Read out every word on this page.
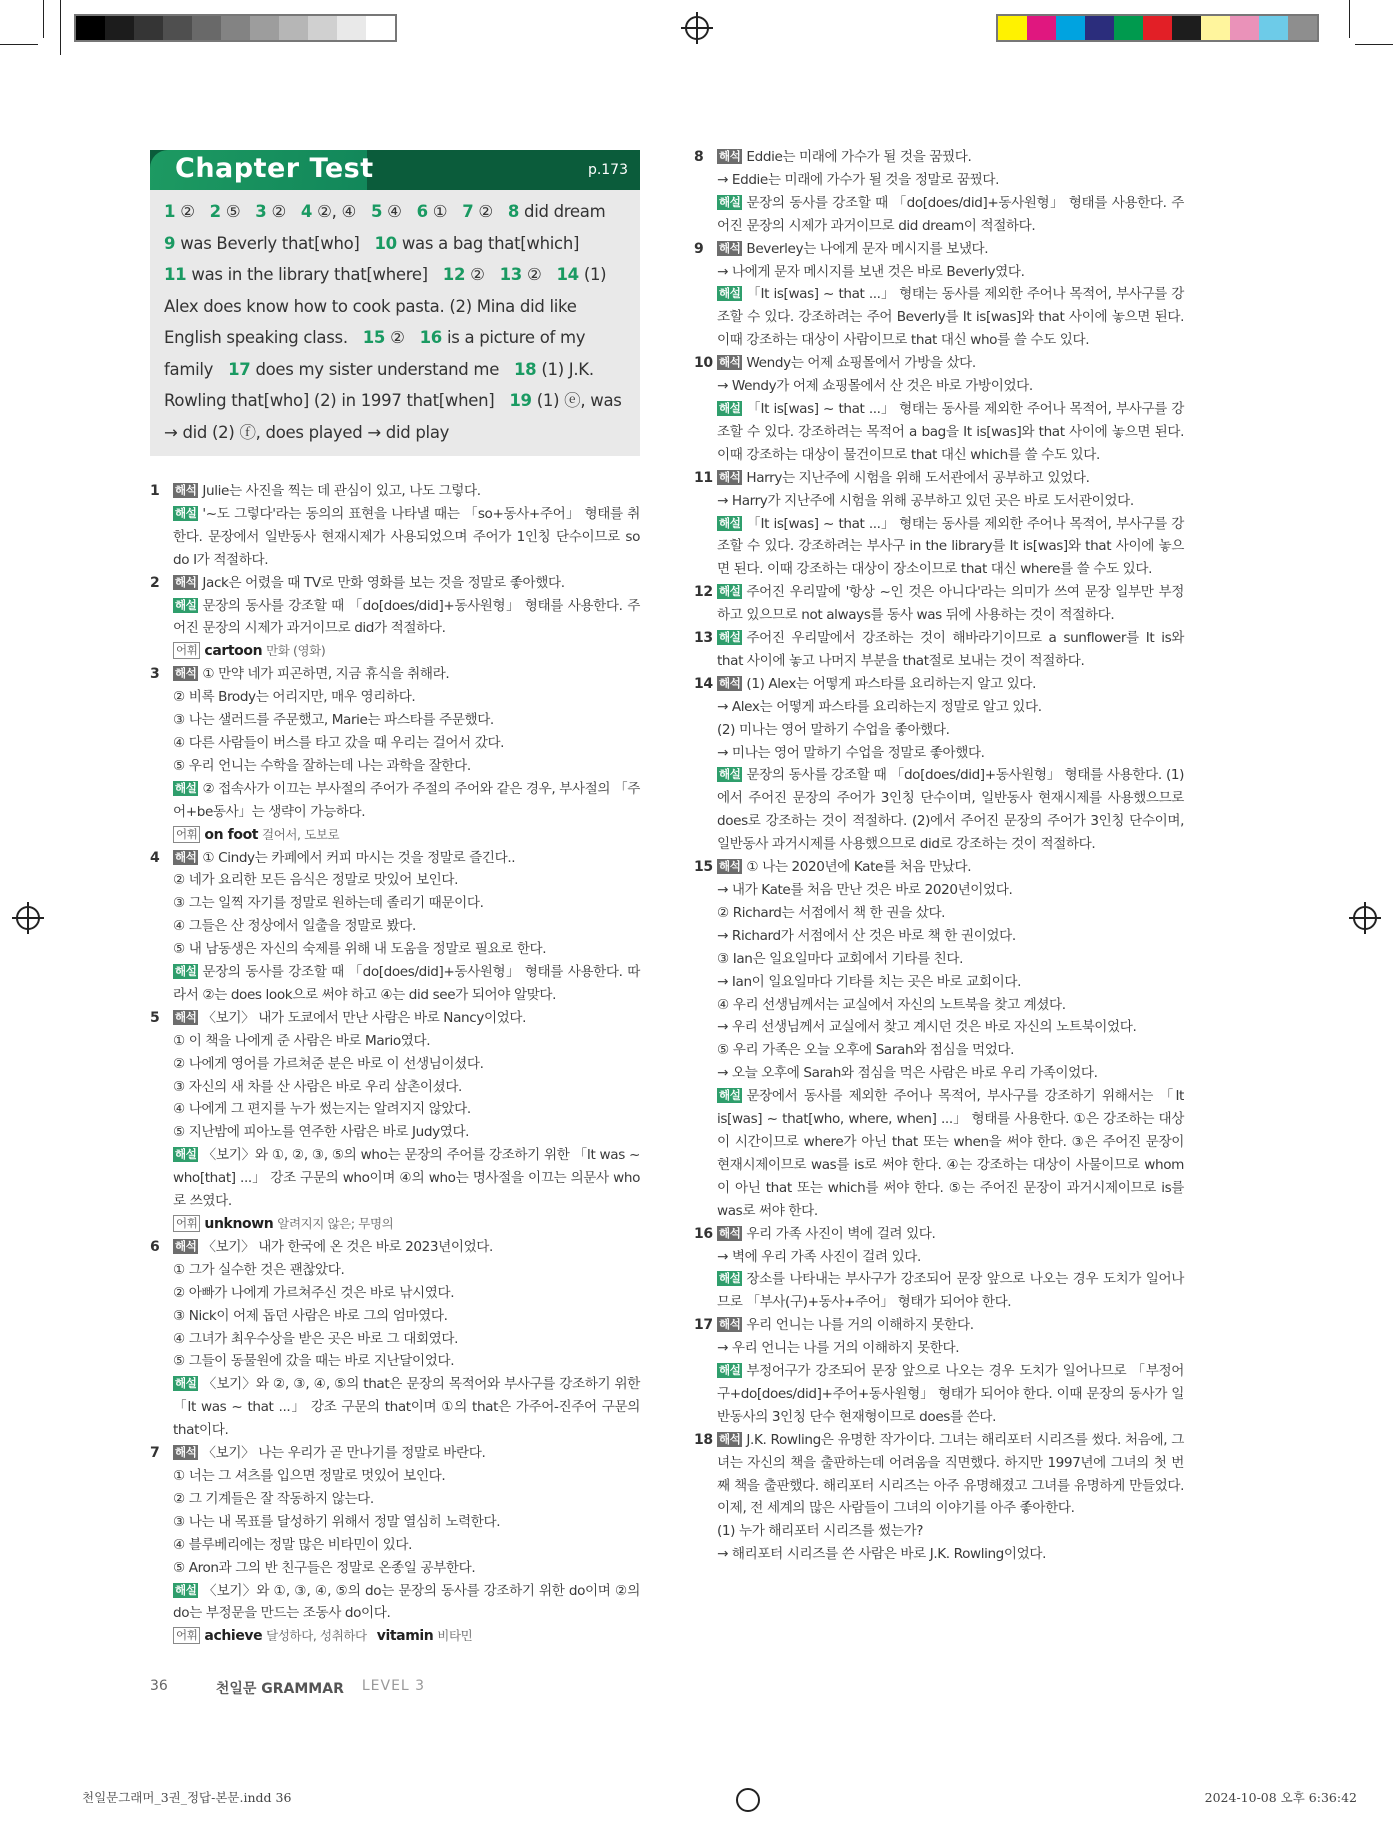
Chapter Test	p.173
1 ② 2 ⑤ 3 ② 4 ②, ④ 5 ④ 6 ① 7 ② 8 did dream 9 was Beverly that[who] 10 was a bag that[which] 11 was in the library that[where] 12 ② 13 ② 14 (1) Alex does know how to cook pasta. (2) Mina did like English speaking class. 15 ② 16 is a picture of my family 17 does my sister understand me 18 (1) J.K. Rowling that[who] (2) in 1997 that[when] 19 (1) ⓔ, was → did (2) ⓕ, does played → did play
1 해석 Julie는 사진을 찍는 데 관심이 있고, 나도 그렇다.
해설 '~도 그렇다'라는 동의의 표현을 나타낼 때는 「so+동사+주어」 형태를 취한다. 문장에서 일반동사 현재시제가 사용되었으며 주어가 1인칭 단수이므로 so do I가 적절하다.
2 해석 Jack은 어렸을 때 TV로 만화 영화를 보는 것을 정말로 좋아했다.
해설 문장의 동사를 강조할 때 「do[does/did]+동사원형」 형태를 사용한다. 주어진 문장의 시제가 과거이므로 did가 적절하다.
어휘 cartoon 만화 (영화)
3 해석 ① 만약 네가 피곤하면, 지금 휴식을 취해라.
② 비록 Brody는 어리지만, 매우 영리하다.
③ 나는 샐러드를 주문했고, Marie는 파스타를 주문했다.
④ 다른 사람들이 버스를 타고 갔을 때 우리는 걸어서 갔다.
⑤ 우리 언니는 수학을 잘하는데 나는 과학을 잘한다.
해설 ② 접속사가 이끄는 부사절의 주어가 주절의 주어와 같은 경우, 부사절의 「주어+be동사」는 생략이 가능하다.
어휘 on foot 걸어서, 도보로
4 해석 ① Cindy는 카페에서 커피 마시는 것을 정말로 즐긴다..
② 네가 요리한 모든 음식은 정말로 맛있어 보인다.
③ 그는 일찍 자기를 정말로 원하는데 졸리기 때문이다.
④ 그들은 산 정상에서 일출을 정말로 봤다.
⑤ 내 남동생은 자신의 숙제를 위해 내 도움을 정말로 필요로 한다.
해설 문장의 동사를 강조할 때 「do[does/did]+동사원형」 형태를 사용한다. 따라서 ②는 does look으로 써야 하고 ④는 did see가 되어야 알맞다.
5 해석 〈보기〉 내가 도쿄에서 만난 사람은 바로 Nancy이었다.
① 이 책을 나에게 준 사람은 바로 Mario였다.
② 나에게 영어를 가르쳐준 분은 바로 이 선생님이셨다.
③ 자신의 새 차를 산 사람은 바로 우리 삼촌이셨다.
④ 나에게 그 편지를 누가 썼는지는 알려지지 않았다.
⑤ 지난밤에 피아노를 연주한 사람은 바로 Judy였다.
해설 〈보기〉와 ①, ②, ③, ⑤의 who는 문장의 주어를 강조하기 위한 「It was ~ who[that] ...」 강조 구문의 who이며 ④의 who는 명사절을 이끄는 의문사 who로 쓰였다.
어휘 unknown 알려지지 않은; 무명의
6 해석 〈보기〉 내가 한국에 온 것은 바로 2023년이었다.
① 그가 실수한 것은 괜찮았다.
② 아빠가 나에게 가르쳐주신 것은 바로 낚시였다.
③ Nick이 어제 돕던 사람은 바로 그의 엄마였다.
④ 그녀가 최우수상을 받은 곳은 바로 그 대회였다.
⑤ 그들이 동물원에 갔을 때는 바로 지난달이었다.
해설 〈보기〉와 ②, ③, ④, ⑤의 that은 문장의 목적어와 부사구를 강조하기 위한 「It was ~ that ...」 강조 구문의 that이며 ①의 that은 가주어-진주어 구문의 that이다.
7 해석 〈보기〉 나는 우리가 곧 만나기를 정말로 바란다.
① 너는 그 셔츠를 입으면 정말로 멋있어 보인다.
② 그 기계들은 잘 작동하지 않는다.
③ 나는 내 목표를 달성하기 위해서 정말 열심히 노력한다.
④ 블루베리에는 정말 많은 비타민이 있다.
⑤ Aron과 그의 반 친구들은 정말로 온종일 공부한다.
해설 〈보기〉와 ①, ③, ④, ⑤의 do는 문장의 동사를 강조하기 위한 do이며 ②의 do는 부정문을 만드는 조동사 do이다.
어휘 achieve 달성하다, 성취하다 vitamin 비타민
36	천일문 GRAMMAR LEVEL 3
8 해석 Eddie는 미래에 가수가 될 것을 꿈꿨다.
→ Eddie는 미래에 가수가 될 것을 정말로 꿈꿨다.
해설 문장의 동사를 강조할 때 「do[does/did]+동사원형」 형태를 사용한다. 주어진 문장의 시제가 과거이므로 did dream이 적절하다.
9 해석 Beverley는 나에게 문자 메시지를 보냈다.
→ 나에게 문자 메시지를 보낸 것은 바로 Beverly였다.
해설 「It is[was] ~ that ...」 형태는 동사를 제외한 주어나 목적어, 부사구를 강조할 수 있다. 강조하려는 주어 Beverly를 It is[was]와 that 사이에 놓으면 된다. 이때 강조하는 대상이 사람이므로 that 대신 who를 쓸 수도 있다.
10 해석 Wendy는 어제 쇼핑몰에서 가방을 샀다.
→ Wendy가 어제 쇼핑몰에서 산 것은 바로 가방이었다.
해설 「It is[was] ~ that ...」 형태는 동사를 제외한 주어나 목적어, 부사구를 강조할 수 있다. 강조하려는 목적어 a bag을 It is[was]와 that 사이에 놓으면 된다. 이때 강조하는 대상이 물건이므로 that 대신 which를 쓸 수도 있다.
11 해석 Harry는 지난주에 시험을 위해 도서관에서 공부하고 있었다.
→ Harry가 지난주에 시험을 위해 공부하고 있던 곳은 바로 도서관이었다.
해설 「It is[was] ~ that ...」 형태는 동사를 제외한 주어나 목적어, 부사구를 강조할 수 있다. 강조하려는 부사구 in the library를 It is[was]와 that 사이에 놓으면 된다. 이때 강조하는 대상이 장소이므로 that 대신 where를 쓸 수도 있다.
12 해설 주어진 우리말에 '항상 ~인 것은 아니다'라는 의미가 쓰여 문장 일부만 부정하고 있으므로 not always를 동사 was 뒤에 사용하는 것이 적절하다.
13 해설 주어진 우리말에서 강조하는 것이 해바라기이므로 a sunflower를 It is와 that 사이에 놓고 나머지 부분을 that절로 보내는 것이 적절하다.
14 해석 (1) Alex는 어떻게 파스타를 요리하는지 알고 있다.
→ Alex는 어떻게 파스타를 요리하는지 정말로 알고 있다.
(2) 미나는 영어 말하기 수업을 좋아했다.
→ 미나는 영어 말하기 수업을 정말로 좋아했다.
해설 문장의 동사를 강조할 때 「do[does/did]+동사원형」 형태를 사용한다. (1)에서 주어진 문장의 주어가 3인칭 단수이며, 일반동사 현재시제를 사용했으므로 does로 강조하는 것이 적절하다. (2)에서 주어진 문장의 주어가 3인칭 단수이며, 일반동사 과거시제를 사용했으므로 did로 강조하는 것이 적절하다.
15 해석 ① 나는 2020년에 Kate를 처음 만났다.
→ 내가 Kate를 처음 만난 것은 바로 2020년이었다.
② Richard는 서점에서 책 한 권을 샀다.
→ Richard가 서점에서 산 것은 바로 책 한 권이었다.
③ Ian은 일요일마다 교회에서 기타를 친다.
→ Ian이 일요일마다 기타를 치는 곳은 바로 교회이다.
④ 우리 선생님께서는 교실에서 자신의 노트북을 찾고 계셨다.
→ 우리 선생님께서 교실에서 찾고 계시던 것은 바로 자신의 노트북이었다.
⑤ 우리 가족은 오늘 오후에 Sarah와 점심을 먹었다.
→ 오늘 오후에 Sarah와 점심을 먹은 사람은 바로 우리 가족이었다.
해설 문장에서 동사를 제외한 주어나 목적어, 부사구를 강조하기 위해서는 「It is[was] ~ that[who, where, when] ...」 형태를 사용한다. ①은 강조하는 대상이 시간이므로 where가 아닌 that 또는 when을 써야 한다. ③은 주어진 문장이 현재시제이므로 was를 is로 써야 한다. ④는 강조하는 대상이 사물이므로 whom이 아닌 that 또는 which를 써야 한다. ⑤는 주어진 문장이 과거시제이므로 is를 was로 써야 한다.
16 해석 우리 가족 사진이 벽에 걸려 있다.
→ 벽에 우리 가족 사진이 걸려 있다.
해설 장소를 나타내는 부사구가 강조되어 문장 앞으로 나오는 경우 도치가 일어나므로 「부사(구)+동사+주어」 형태가 되어야 한다.
17 해석 우리 언니는 나를 거의 이해하지 못한다.
→ 우리 언니는 나를 거의 이해하지 못한다.
해설 부정어구가 강조되어 문장 앞으로 나오는 경우 도치가 일어나므로 「부정어구+do[does/did]+주어+동사원형」 형태가 되어야 한다. 이때 문장의 동사가 일반동사의 3인칭 단수 현재형이므로 does를 쓴다.
18 해석 J.K. Rowling은 유명한 작가이다. 그녀는 해리포터 시리즈를 썼다. 처음에, 그녀는 자신의 책을 출판하는데 어려움을 직면했다. 하지만 1997년에 그녀의 첫 번째 책을 출판했다. 해리포터 시리즈는 아주 유명해졌고 그녀를 유명하게 만들었다. 이제, 전 세계의 많은 사람들이 그녀의 이야기를 아주 좋아한다.
(1) 누가 해리포터 시리즈를 썼는가?
→ 해리포터 시리즈를 쓴 사람은 바로 J.K. Rowling이었다.
천일문그래머_3권_정답-본문.indd 36	2024-10-08 오후 6:36:42
